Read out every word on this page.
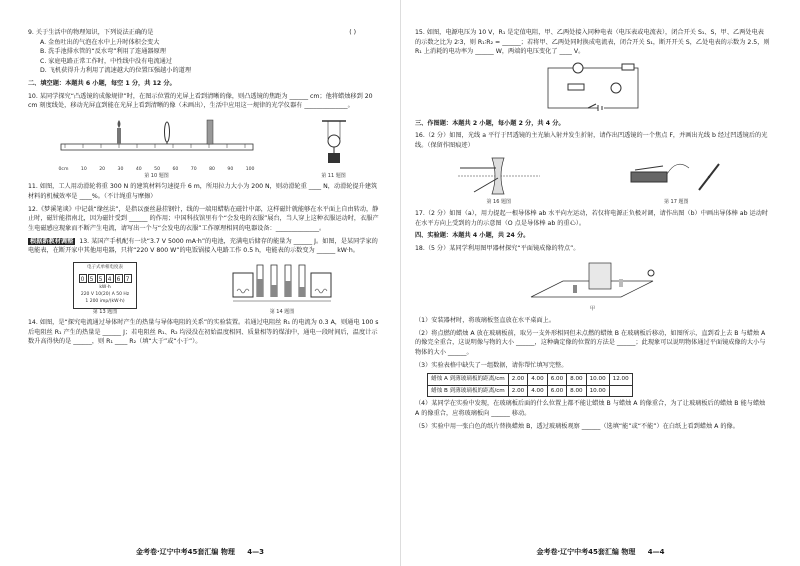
9. 关于生活中的物理知识，下列说法正确的是	( )
A. 金鱼吐出的气泡在水中上升时体积会变大
B. 洗手池排水管的“反水弯”利用了连通器原理
C. 家庭电路正常工作时，中性线中没有电流通过
D. 飞机获得升力利用了流速越大的位置压强越小的道理
二、填空题：本题共 6 小题，每空 1 分，共 12 分。
10. 某同学探究“凸透镜的成像规律”时，在图示位置的光屏上看到清晰的像，则凸透镜的焦距为 ______ cm；他将蜡烛移到 20 cm 刻度线处，移动光屏直到能在光屏上看到清晰的像（未画出），生活中应用这一规律的光学仪器有 ______________。
0cm	10	20	30	40	50	60	70	80	90	100
第 10 题图	第 11 题图
11. 如图，工人用动滑轮将重 300 N 的建筑材料匀速提升 6 m，所用拉力大小为 200 N，则动滑轮重 ____ N，动滑轮提升建筑材料的机械效率是 ____%。（不计绳重与摩擦）
12.《梦溪笔谈》中记载“缘丝法”，是指以蚕丝悬挂钢针，线的一端用蜡粘在磁针中部，这样磁针就能够在水平面上自由转动，静止时，磁针能指南北，因为磁针受到 ______ 的作用；中国科技馆里有个“会发电的衣服”展台，当人穿上这种衣服运动时，衣服产生电磁感应现象而不断产生电流，请写出一个与“会发电的衣服”工作原理相同的电器设备：______________。
根据新教材调整 13. 某国产手机配有一块“3.7 V 5000 mA·h”的电池，充满电后储存的能量为 ______ J。如图，是某同学家的电能表，在断开家中其他用电器，只将“220 V 800 W”的电饭锅接入电路工作 0.5 h，电能表的示数变为 ______ kW·h。
电子式单相电度表
0 5 5 4 6 7
kW·h
220 V 10(20) A 50 Hz
1 200 imp/(kW·h)
第 13 题图	第 14 题图
14. 如图，是“探究电流通过导体时产生的热量与导体电阻的关系”的实验装置。若通过电阻丝 R₁ 的电流为 0.3 A，则通电 100 s 后电阻丝 R₁ 产生的热量是 ______ J；若电阻丝 R₁、R₂ 均浸没在初始温度相同、质量相等的煤油中，通电一段时间后，温度计示数升高得快的是 ______，则 R₁ ____ R₂（填“大于”或“小于”）。
金考卷·辽宁中考45套汇编 物理 4—3
15. 如图，电源电压为 10 V，R₁ 是定值电阻，甲、乙两处接入同种电表（电压表或电流表），闭合开关 S₁、S，甲、乙两处电表的示数之比为 2∶3，则 R₁∶R₂ = ______；若将甲、乙两处同时换成电流表，闭合开关 S₁，断开开关 S，乙处电表的示数为 2.5，则 R₁ 上消耗的电功率为 ______ W，两端的电压变化了 ____ V。
三、作图题：本题共 2 小题，每小题 2 分，共 4 分。
16.（2 分）如图，光线 a 平行于凹透镜的主光轴入射并发生折射，请作出凹透镜的一个焦点 F，并画出光线 b 经过凹透镜后的光线。（保留作图痕迹）
第 16 题图	第 17 题图
17.（2 分）如图（a），用力提起一根导体棒 ab 水平向左运动，若仅将电源正负极对调，请作出图（b）中画出导体棒 ab 运动时在水平方向上受到的力的示意图（O 点是导体棒 ab 的重心）。
四、实验题：本题共 4 小题，共 24 分。
18.（5 分）某同学利用图甲器材探究“平面镜成像的特点”。
甲
（1）安装器材时，将玻璃板竖直放在水平桌面上。
（2）将点燃的蜡烛 A 放在玻璃板前，取另一支外形相同但未点燃的蜡烛 B 在玻璃板后移动，如图所示，直到看上去 B 与蜡烛 A 的像完全重合，这说明像与物的大小 ______，这种确定像的位置的方法是 ______；此现象可以说明物体通过平面镜成像的大小与物体的大小 ______。
（3）实验表格中缺失了一组数据，请你帮忙填写完整。
蜡烛 A 到薄玻璃板的距离/cm	2.00	4.00	6.00	8.00	10.00	12.00
蜡烛 B 到薄玻璃板的距离/cm	2.00	4.00	6.00	8.00	10.00	
（4）某同学在实验中发现，在玻璃板后面的什么位置上都不能让蜡烛 B 与蜡烛 A 的像重合，为了让玻璃板后的蜡烛 B 能与蜡烛 A 的像重合，应将玻璃板向 ______ 移动。
（5）实验中用一张白色的纸片替换蜡烛 B，透过玻璃板观察 ______（选填“能”或“不能”）在白纸上看到蜡烛 A 的像。
金考卷·辽宁中考45套汇编 物理 4—4
